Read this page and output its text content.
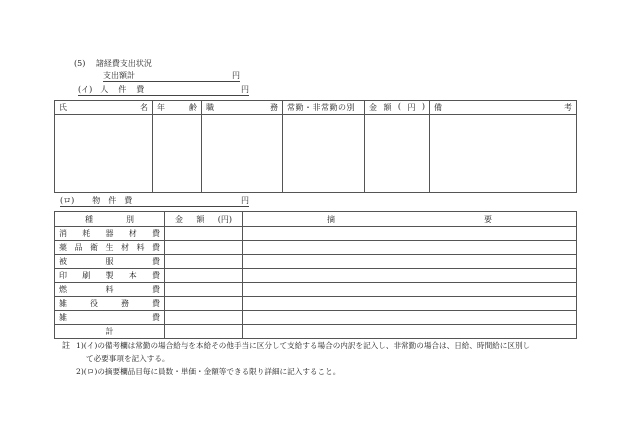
(5) 諸経費支出状況
支出額計	円
(イ) 人 件 費	円
氏 名	年 齢	職 務	常勤・非常勤の別	金 額 ( 円 )	備 考

(ロ) 物 件 費	円
種 別	金 額 (円)	摘 要

消 耗 器 材 費		

薬 品 衛 生 材 料 費

被 服 費		

印 刷 製 本 費		

燃 料 費		

雑 役 務 費		

雑 費		

計		
註 1)(イ)の備考欄は常勤の場合給与を本給その他手当に区分して支給する場合の内訳を記入し、非常勤の場合は、日給、時間給に区別し
て必要事項を記入する。
2)(ロ)の摘要欄品目毎に員数・単価・金額等できる限り詳細に記入すること。
